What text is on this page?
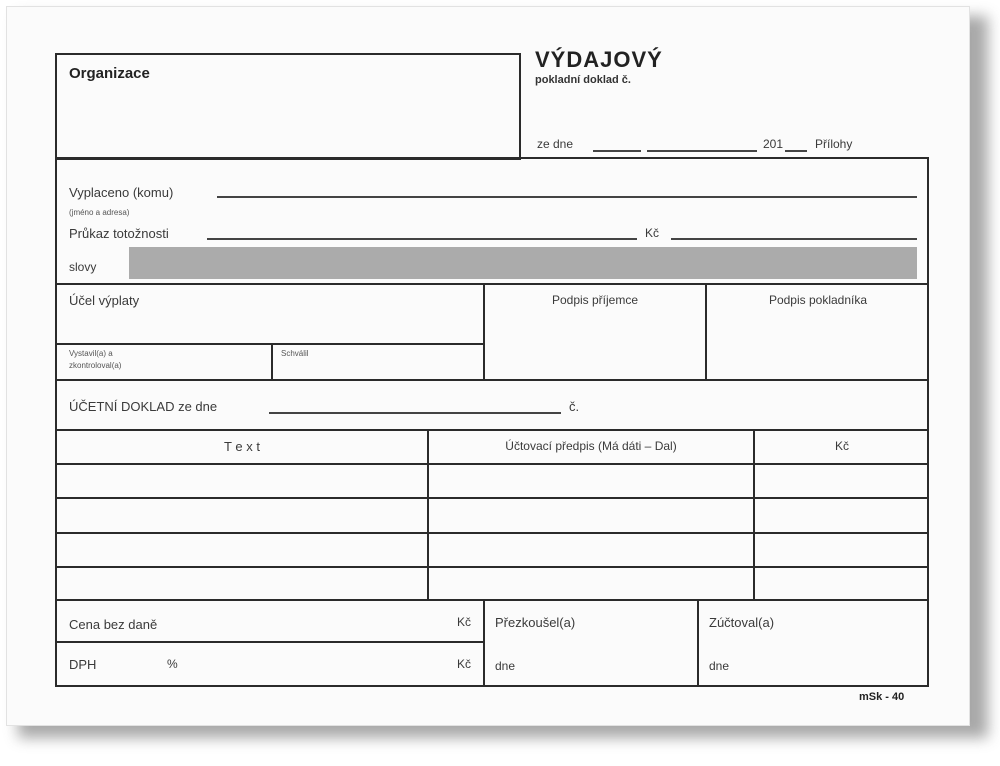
Organizace
VÝDAJOVÝ
pokladní doklad č.
ze dne	201	Přílohy
Vyplaceno (komu)
(jméno a adresa)
Průkaz totožnosti	Kč
slovy
Účel výplaty	Podpis příjemce	Podpis pokladníka
Vystavil(a) a
zkontroloval(a)
Schválil
ÚČETNÍ DOKLAD ze dne	č.
T e x t	Účtovací předpis (Má dáti – Dal)	Kč
Cena bez daně	Kč
DPH	%	Kč
Přezkoušel(a)
dne
Zúčtoval(a)
dne
mSk - 40
